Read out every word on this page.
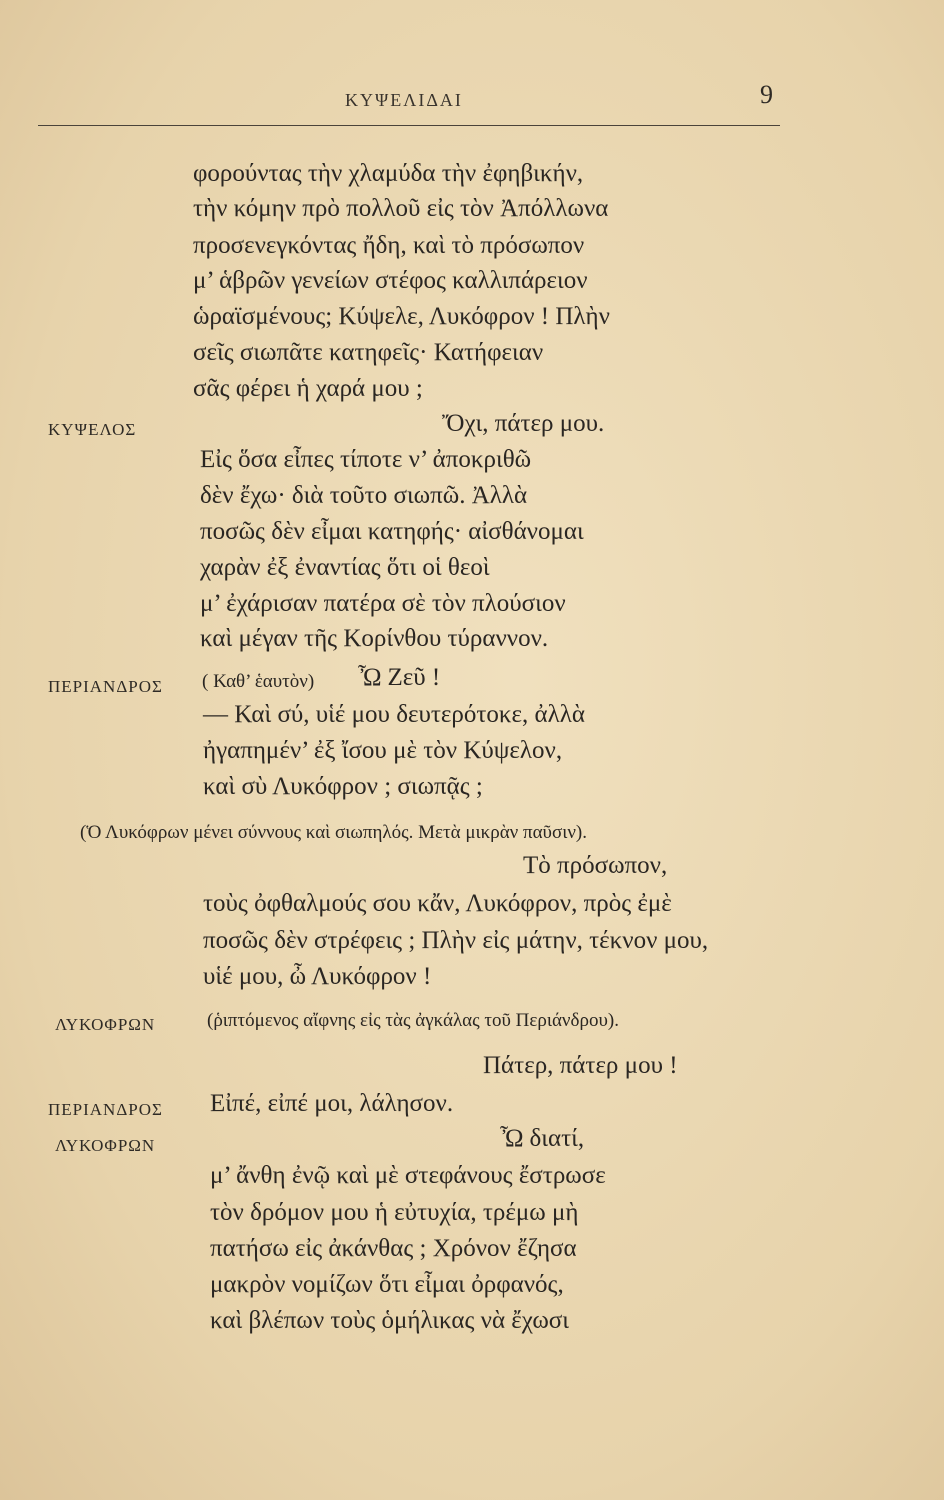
ΚΥΨΕΛΙΔΑΙ	9
φορούντας τὴν χλαμύδα τὴν ἐφηβικήν,
τὴν κόμην πρὸ πολλοῦ εἰς τὸν Ἀπόλλωνα
προσενεγκόντας ἤδη, καὶ τὸ πρόσωπον
μ’ ἁβρῶν γενείων στέφος καλλιπάρειον
ὡραϊσμένους; Κύψελε, Λυκόφρον ! Πλὴν
σεῖς σιωπᾶτε κατηφεῖς· Κατήφειαν
σᾶς φέρει ἡ χαρά μου ;
ΚΥΨΕΛΟΣ	Ὄχι, πάτερ μου.
Εἰς ὅσα εἶπες τίποτε ν’ ἀποκριθῶ
δὲν ἔχω· διὰ τοῦτο σιωπῶ. Ἀλλὰ
ποσῶς δὲν εἶμαι κατηφής· αἰσθάνομαι
χαρὰν ἐξ ἐναντίας ὅτι οἱ θεοὶ
μ’ ἐχάρισαν πατέρα σὲ τὸν πλούσιον
καὶ μέγαν τῆς Κορίνθου τύραννον.
ΠΕΡΙΑΝΔΡΟΣ ( Καθ’ ἑαυτὸν) Ὦ Ζεῦ !
— Καὶ σύ, υἱέ μου δευτερότοκε, ἀλλὰ
ἠγαπημέν’ ἐξ ἴσου μὲ τὸν Κύψελον,
καὶ σὺ Λυκόφρον ; σιωπᾷς ;
(Ὁ Λυκόφρων μένει σύννους καὶ σιωπηλός. Μετὰ μικρὰν παῦσιν).
Τὸ πρόσωπον,
τοὺς ὀφθαλμούς σου κἄν, Λυκόφρον, πρὸς ἐμὲ
ποσῶς δὲν στρέφεις ; Πλὴν εἰς μάτην, τέκνον μου,
υἱέ μου, ὦ Λυκόφρον !
ΛΥΚΟΦΡΩΝ	(ῥιπτόμενος αἴφνης εἰς τὰς ἀγκάλας τοῦ Περιάνδρου).
Πάτερ, πάτερ μου !
ΠΕΡΙΑΝΔΡΟΣ Εἰπέ, εἰπέ μοι, λάλησον.
ΛΥΚΟΦΡΩΝ	Ὦ διατί,
μ’ ἄνθη ἐνῷ καὶ μὲ στεφάνους ἔστρωσε
τὸν δρόμον μου ἡ εὐτυχία, τρέμω μὴ
πατήσω εἰς ἀκάνθας ; Χρόνον ἔζησα
μακρὸν νομίζων ὅτι εἶμαι ὀρφανός,
καὶ βλέπων τοὺς ὁμήλικας νὰ ἔχωσι
